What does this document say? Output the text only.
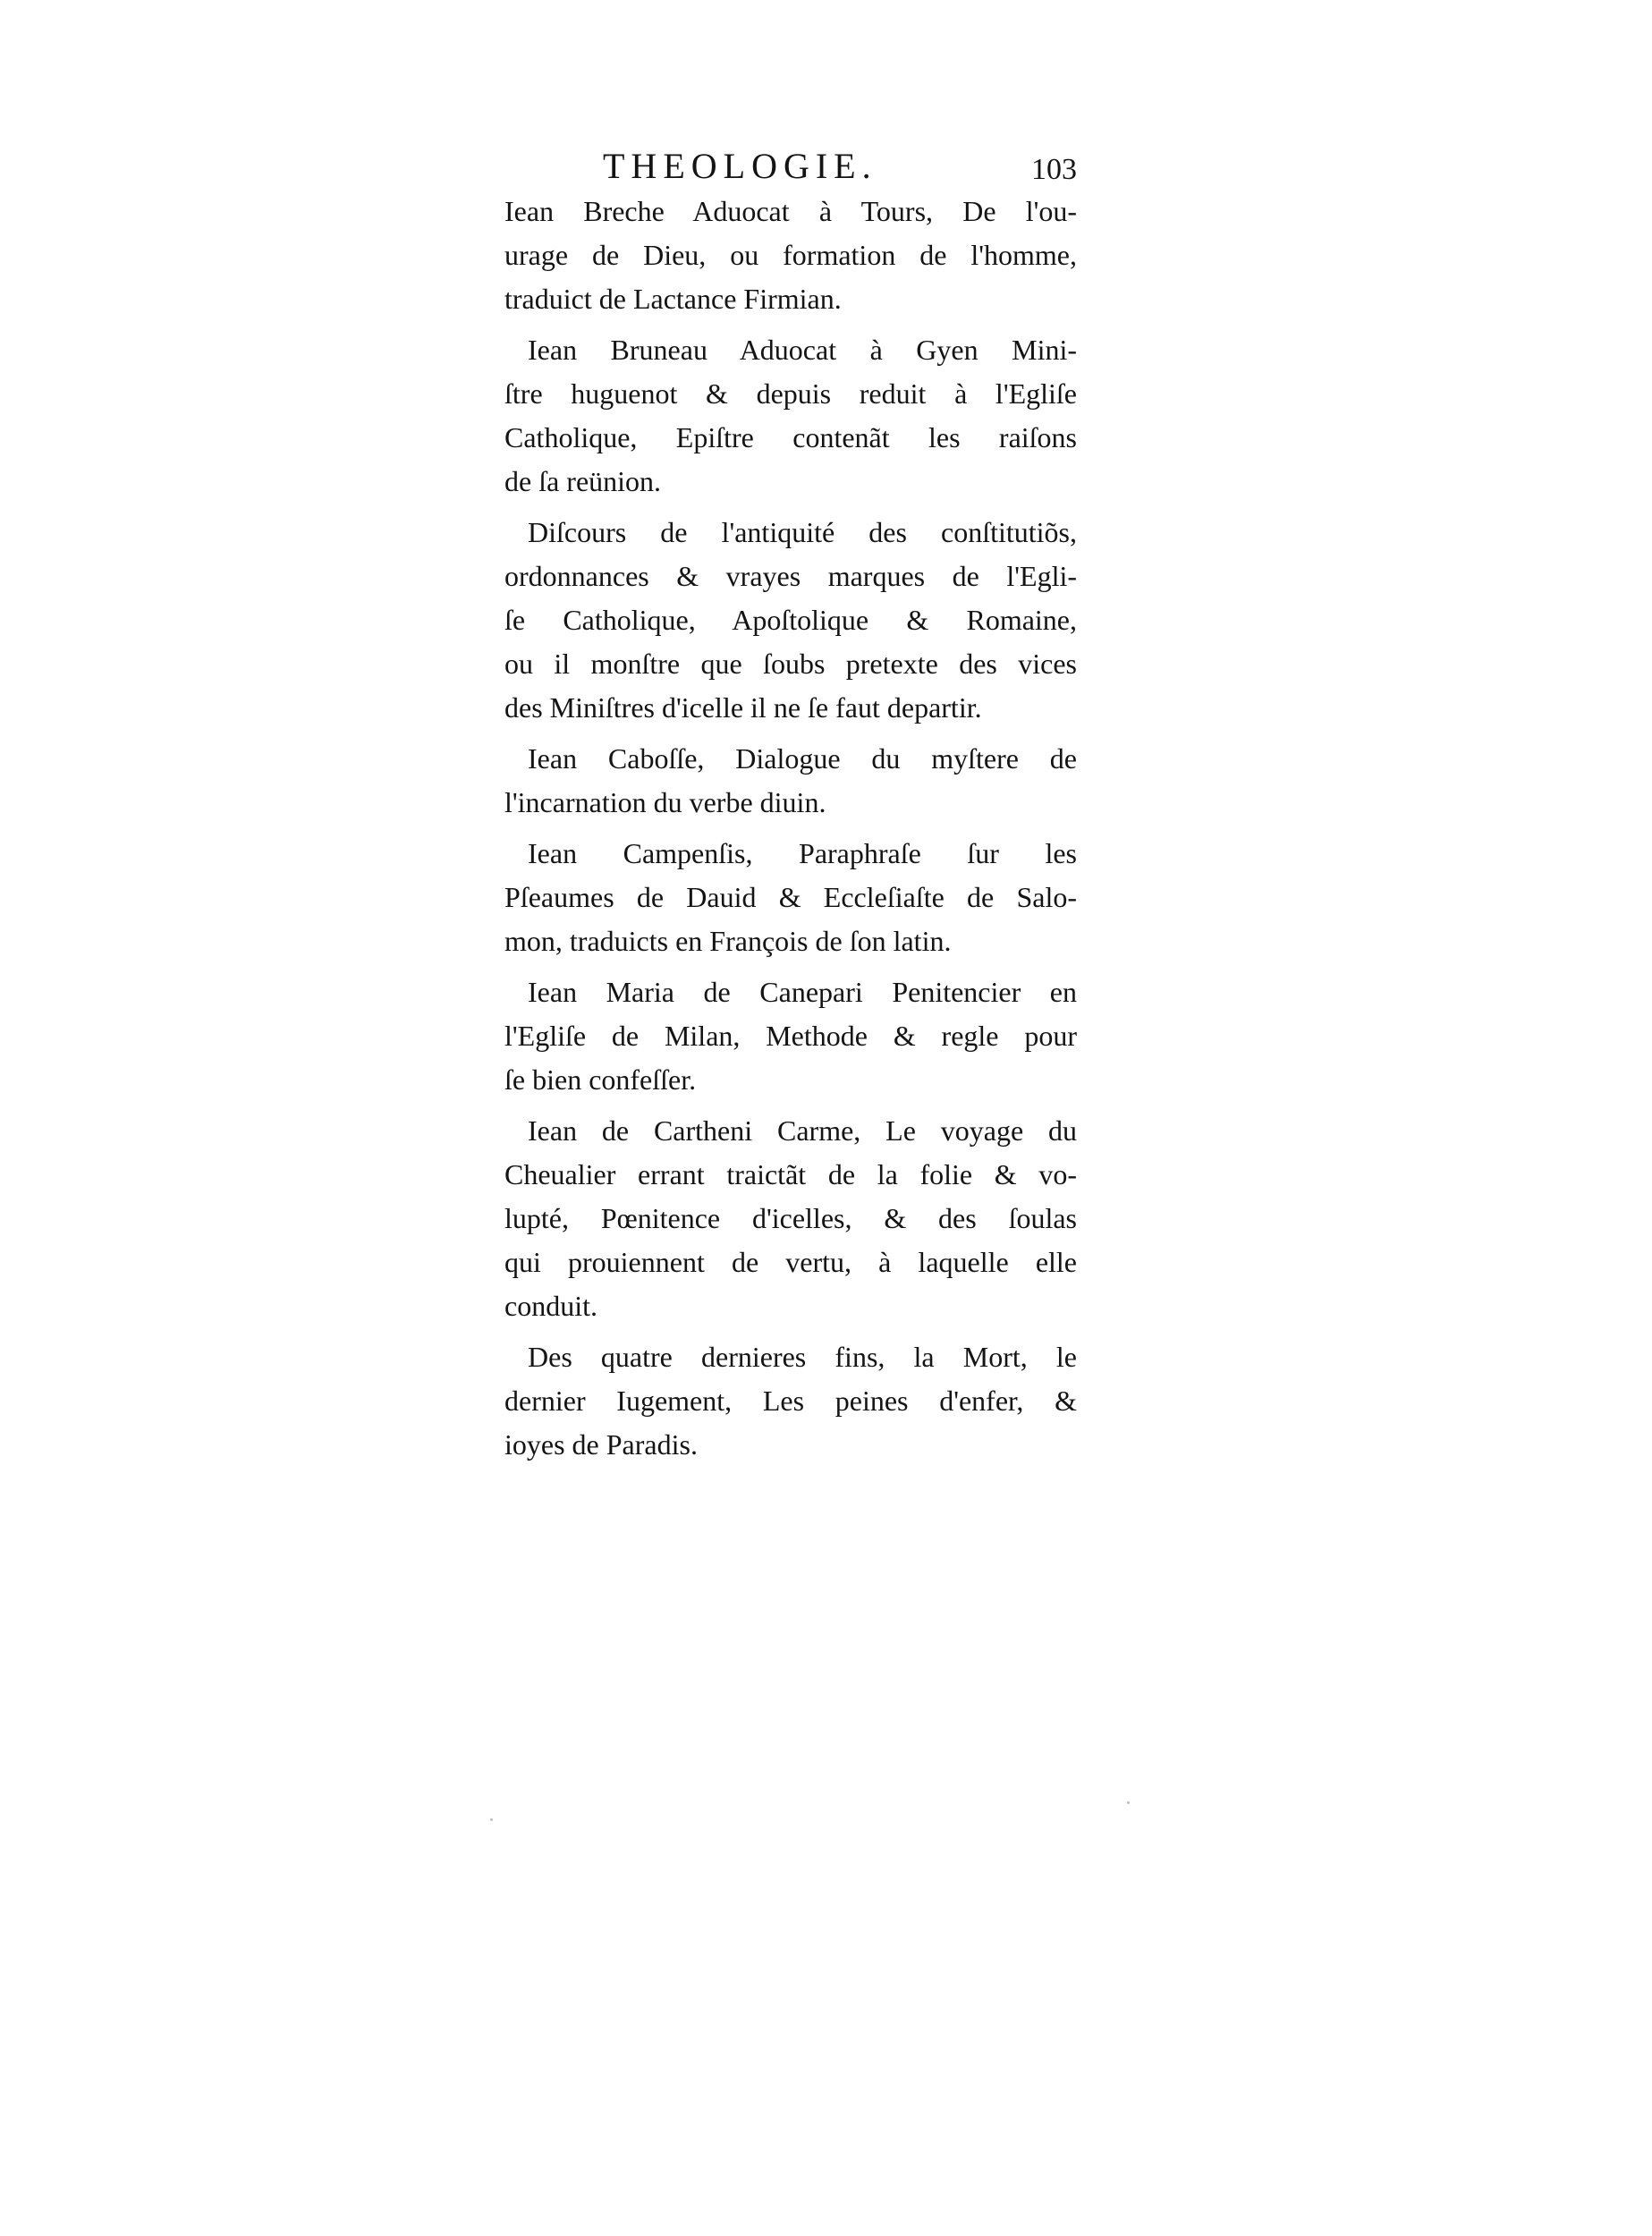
THEOLOGIE.	103
Iean Breche Aduocat à Tours, De l'ou-
urage de Dieu, ou formation de l'homme,
traduict de Lactance Firmian.
Iean Bruneau Aduocat à Gyen Mini-
ſtre huguenot & depuis reduit à l'Egliſe
Catholique, Epiſtre contenãt les raiſons
de ſa reünion.
Diſcours de l'antiquité des conſtitutiõs,
ordonnances & vrayes marques de l'Egli-
ſe Catholique, Apoſtolique & Romaine,
ou il monſtre que ſoubs pretexte des vices
des Miniſtres d'icelle il ne ſe faut departir.
Iean Caboſſe, Dialogue du myſtere de
l'incarnation du verbe diuin.
Iean Campenſis, Paraphraſe ſur les
Pſeaumes de Dauid & Eccleſiaſte de Salo-
mon, traduicts en François de ſon latin.
Iean Maria de Canepari Penitencier en
l'Egliſe de Milan, Methode & regle pour
ſe bien confeſſer.
Iean de Cartheni Carme, Le voyage du
Cheualier errant traictãt de la folie & vo-
lupté, Pœnitence d'icelles, & des ſoulas
qui prouiennent de vertu, à laquelle elle
conduit.
Des quatre dernieres fins, la Mort, le
dernier Iugement, Les peines d'enfer, &
ioyes de Paradis.
